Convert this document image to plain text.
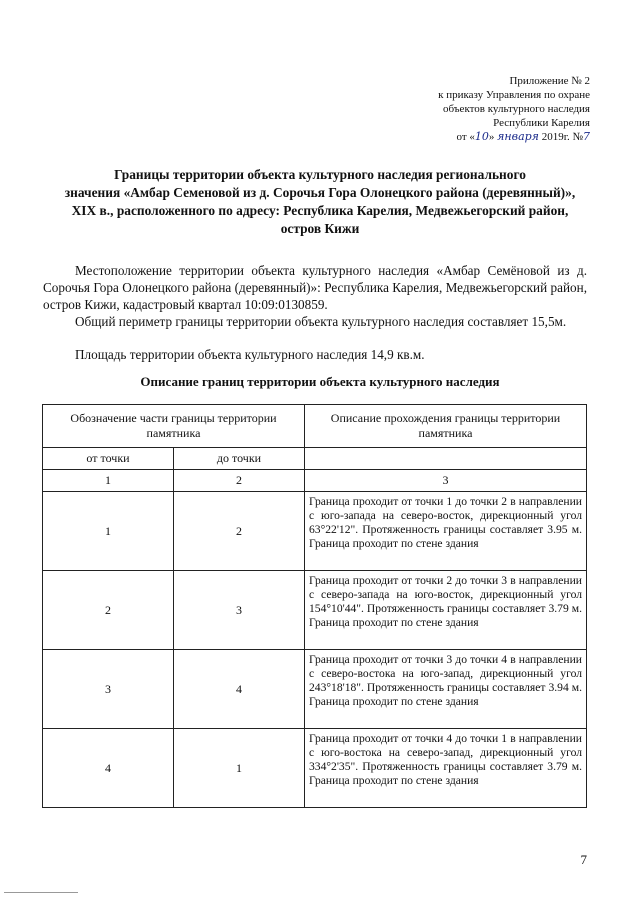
Приложение № 2
к приказу Управления по охране
объектов культурного наследия
Республики Карелия
от «10» января 2019г. №7
Границы территории объекта культурного наследия регионального
значения «Амбар Семеновой из д. Сорочья Гора Олонецкого района (деревянный)»,
XIX в., расположенного по адресу: Республика Карелия, Медвежьегорский район,
остров Кижи
Местоположение территории объекта культурного наследия «Амбар Семёновой из д. Сорочья Гора Олонецкого района (деревянный)»: Республика Карелия, Медвежьегорский район, остров Кижи, кадастровый квартал 10:09:0130859.
Общий периметр границы территории объекта культурного наследия составляет 15,5м.
Площадь территории объекта культурного наследия 14,9 кв.м.
Описание границ территории объекта культурного наследия
Обозначение части границы территории памятника		Описание прохождения границы территории памятника
от точки	до точки	
1	2	3
1	2	Граница проходит от точки 1 до точки 2 в направлении с юго-запада на северо-восток, дирекционный угол 63°22'12". Протяженность границы составляет 3.95 м. Граница проходит по стене здания
2	3	Граница проходит от точки 2 до точки 3 в направлении с северо-запада на юго-восток, дирекционный угол 154°10'44". Протяженность границы составляет 3.79 м. Граница проходит по стене здания
3	4	Граница проходит от точки 3 до точки 4 в направлении с северо-востока на юго-запад, дирекционный угол 243°18'18". Протяженность границы составляет 3.94 м. Граница проходит по стене здания
4	1	Граница проходит от точки 4 до точки 1 в направлении с юго-востока на северо-запад, дирекционный угол 334°2'35". Протяженность границы составляет 3.79 м. Граница проходит по стене здания
7
